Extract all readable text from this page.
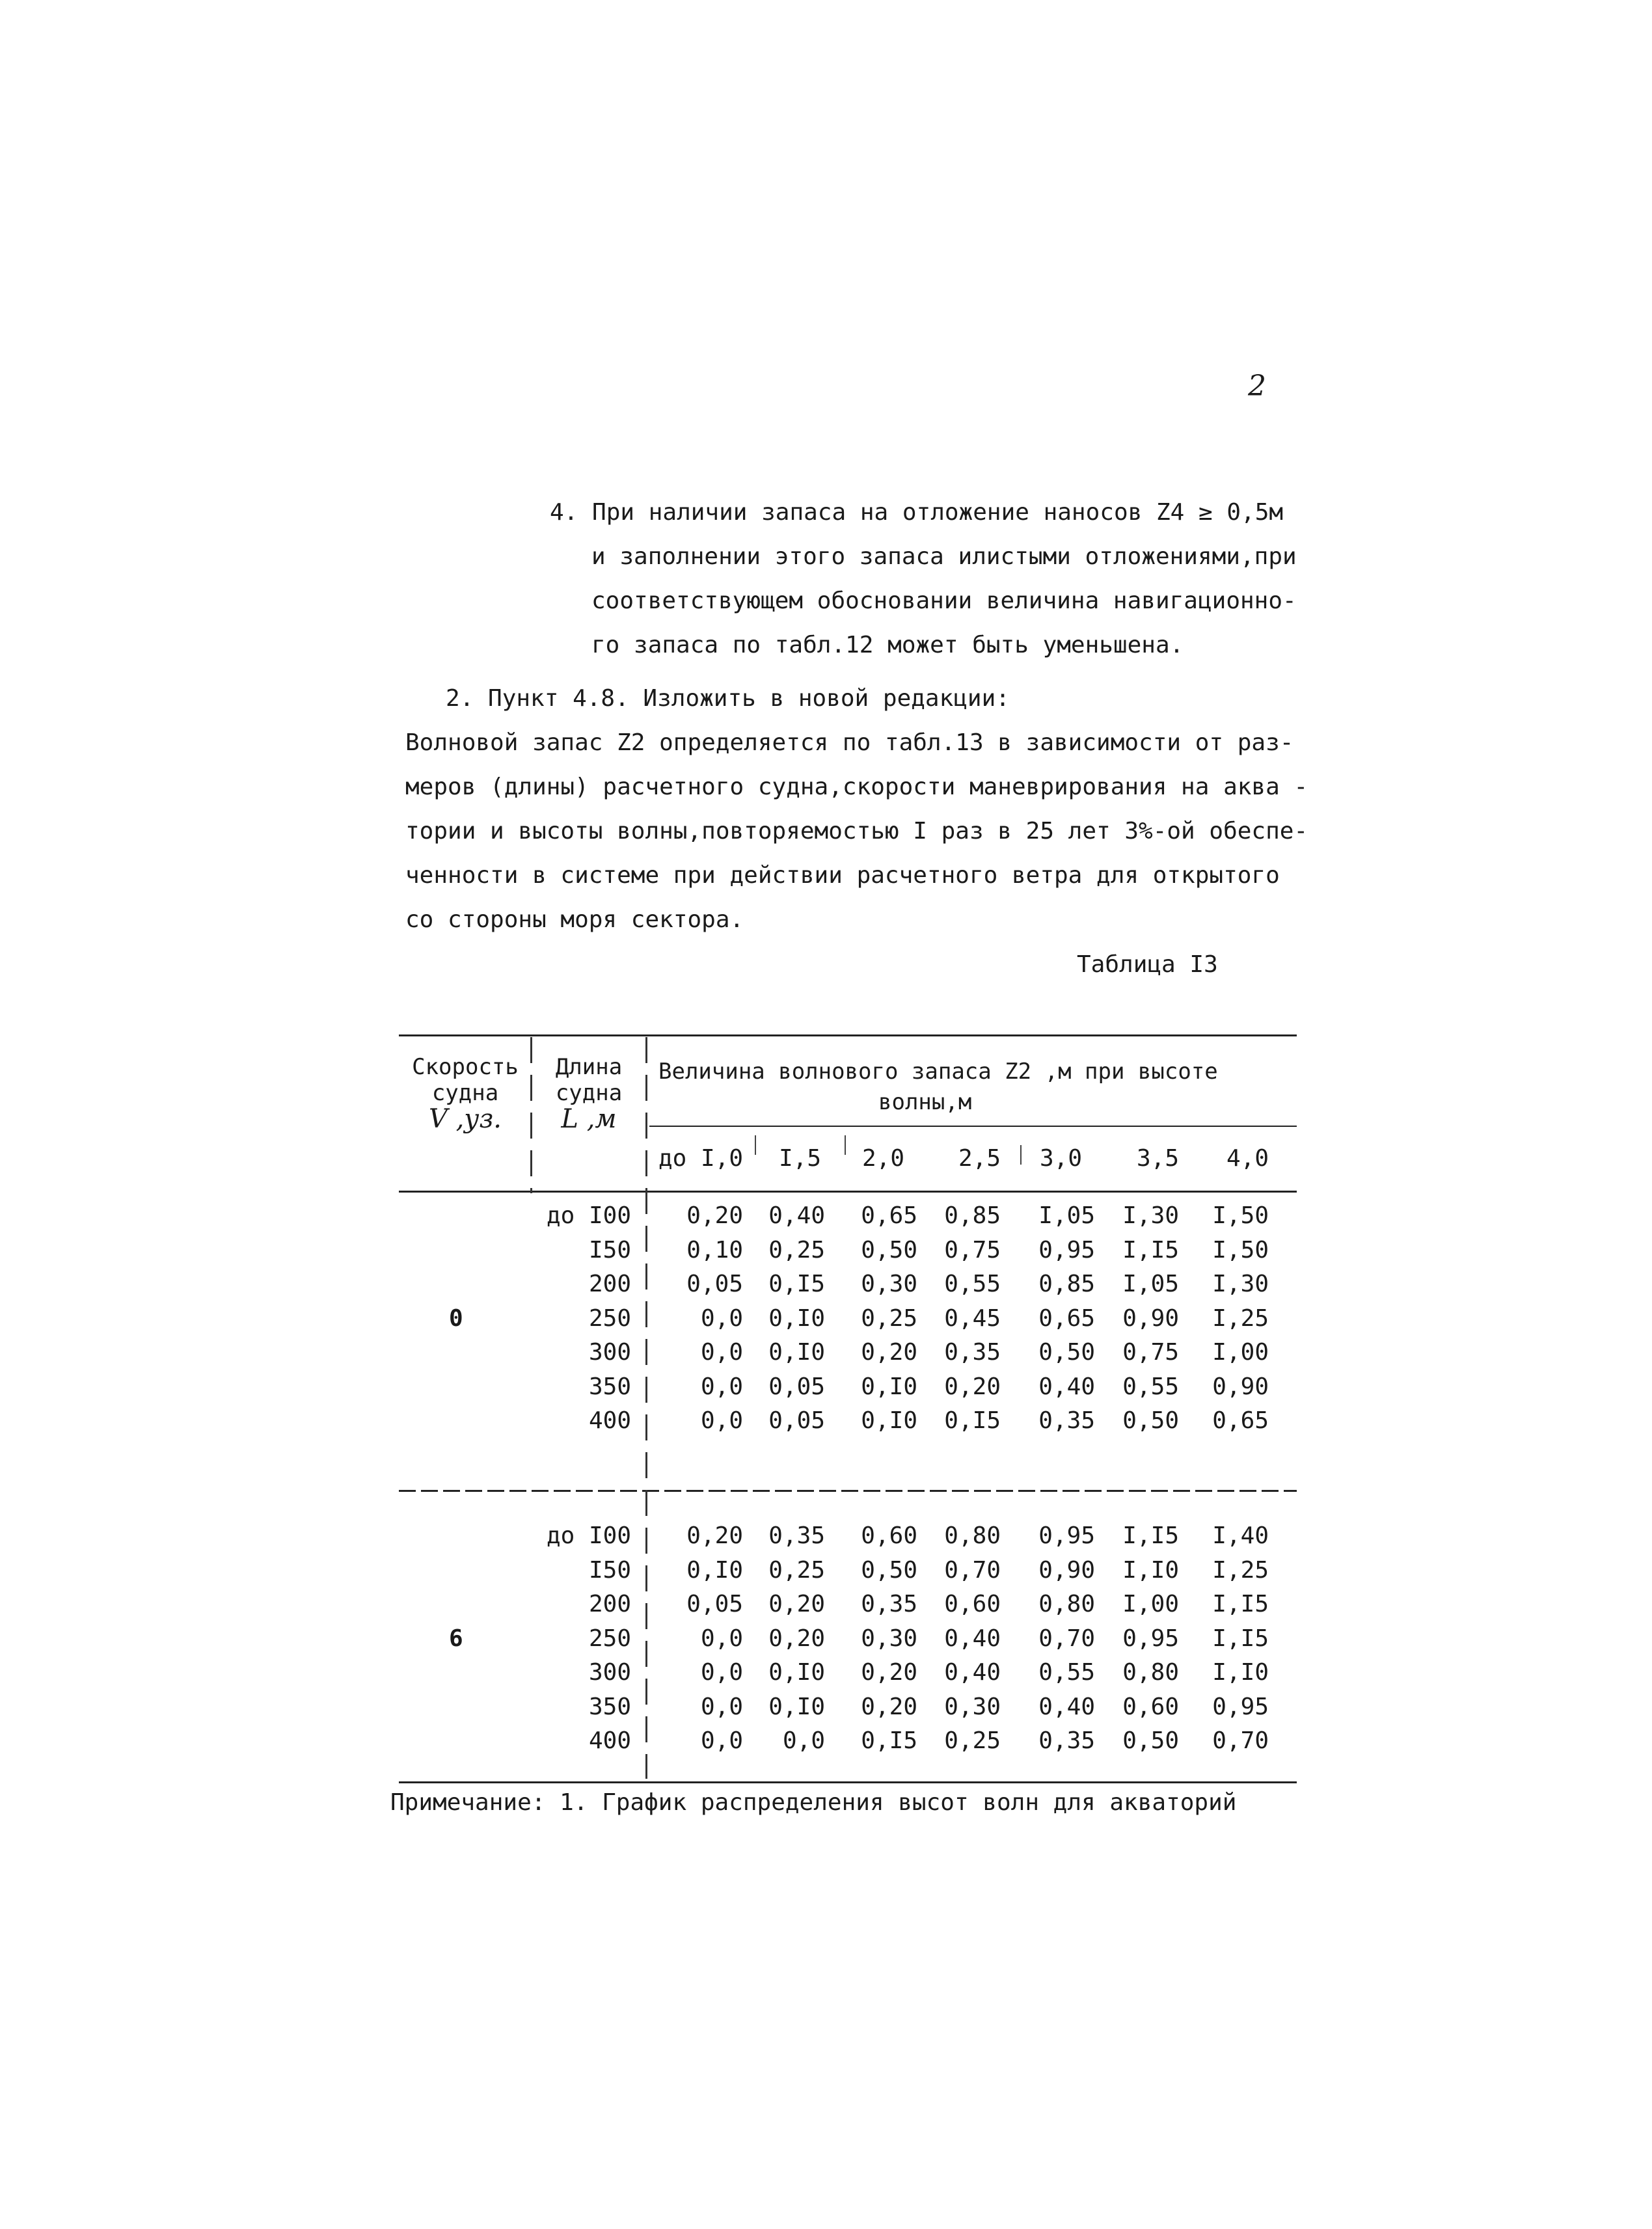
2
4. При наличии запаса на отложение наносов Z4 ≥ 0,5м
и заполнении этого запаса илистыми отложениями,при
соответствующем обосновании величина навигационно-
го запаса по табл.12 может быть уменьшена.
2. Пункт 4.8. Изложить в новой редакции:
Волновой запас Z2 определяется по табл.13 в зависимости от раз-
меров (длины) расчетного судна,скорости маневрирования на аква -
тории и высоты волны,повторяемостью I раз в 25 лет 3%-ой обеспе-
ченности в системе при действии расчетного ветра для открытого
со стороны моря сектора.
Таблица I3
Скорость
судна
V ,уз.
Длина
судна
L ,м
Величина волнового запаса Z2 ,м при высоте
волны,м
до I,0	I,5	2,0	2,5	3,0	3,5	4,0
0
до I00	0,20	0,40	0,65	0,85	I,05	I,30	I,50
I50	0,10	0,25	0,50	0,75	0,95	I,I5	I,50
200	0,05	0,I5	0,30	0,55	0,85	I,05	I,30
250	0,0	0,I0	0,25	0,45	0,65	0,90	I,25
300	0,0	0,I0	0,20	0,35	0,50	0,75	I,00
350	0,0	0,05	0,I0	0,20	0,40	0,55	0,90
400	0,0	0,05	0,I0	0,I5	0,35	0,50	0,65
6
до I00	0,20	0,35	0,60	0,80	0,95	I,I5	I,40
I50	0,I0	0,25	0,50	0,70	0,90	I,I0	I,25
200	0,05	0,20	0,35	0,60	0,80	I,00	I,I5
250	0,0	0,20	0,30	0,40	0,70	0,95	I,I5
300	0,0	0,I0	0,20	0,40	0,55	0,80	I,I0
350	0,0	0,I0	0,20	0,30	0,40	0,60	0,95
400	0,0	0,0	0,I5	0,25	0,35	0,50	0,70
Примечание: 1. График распределения высот волн для акваторий
